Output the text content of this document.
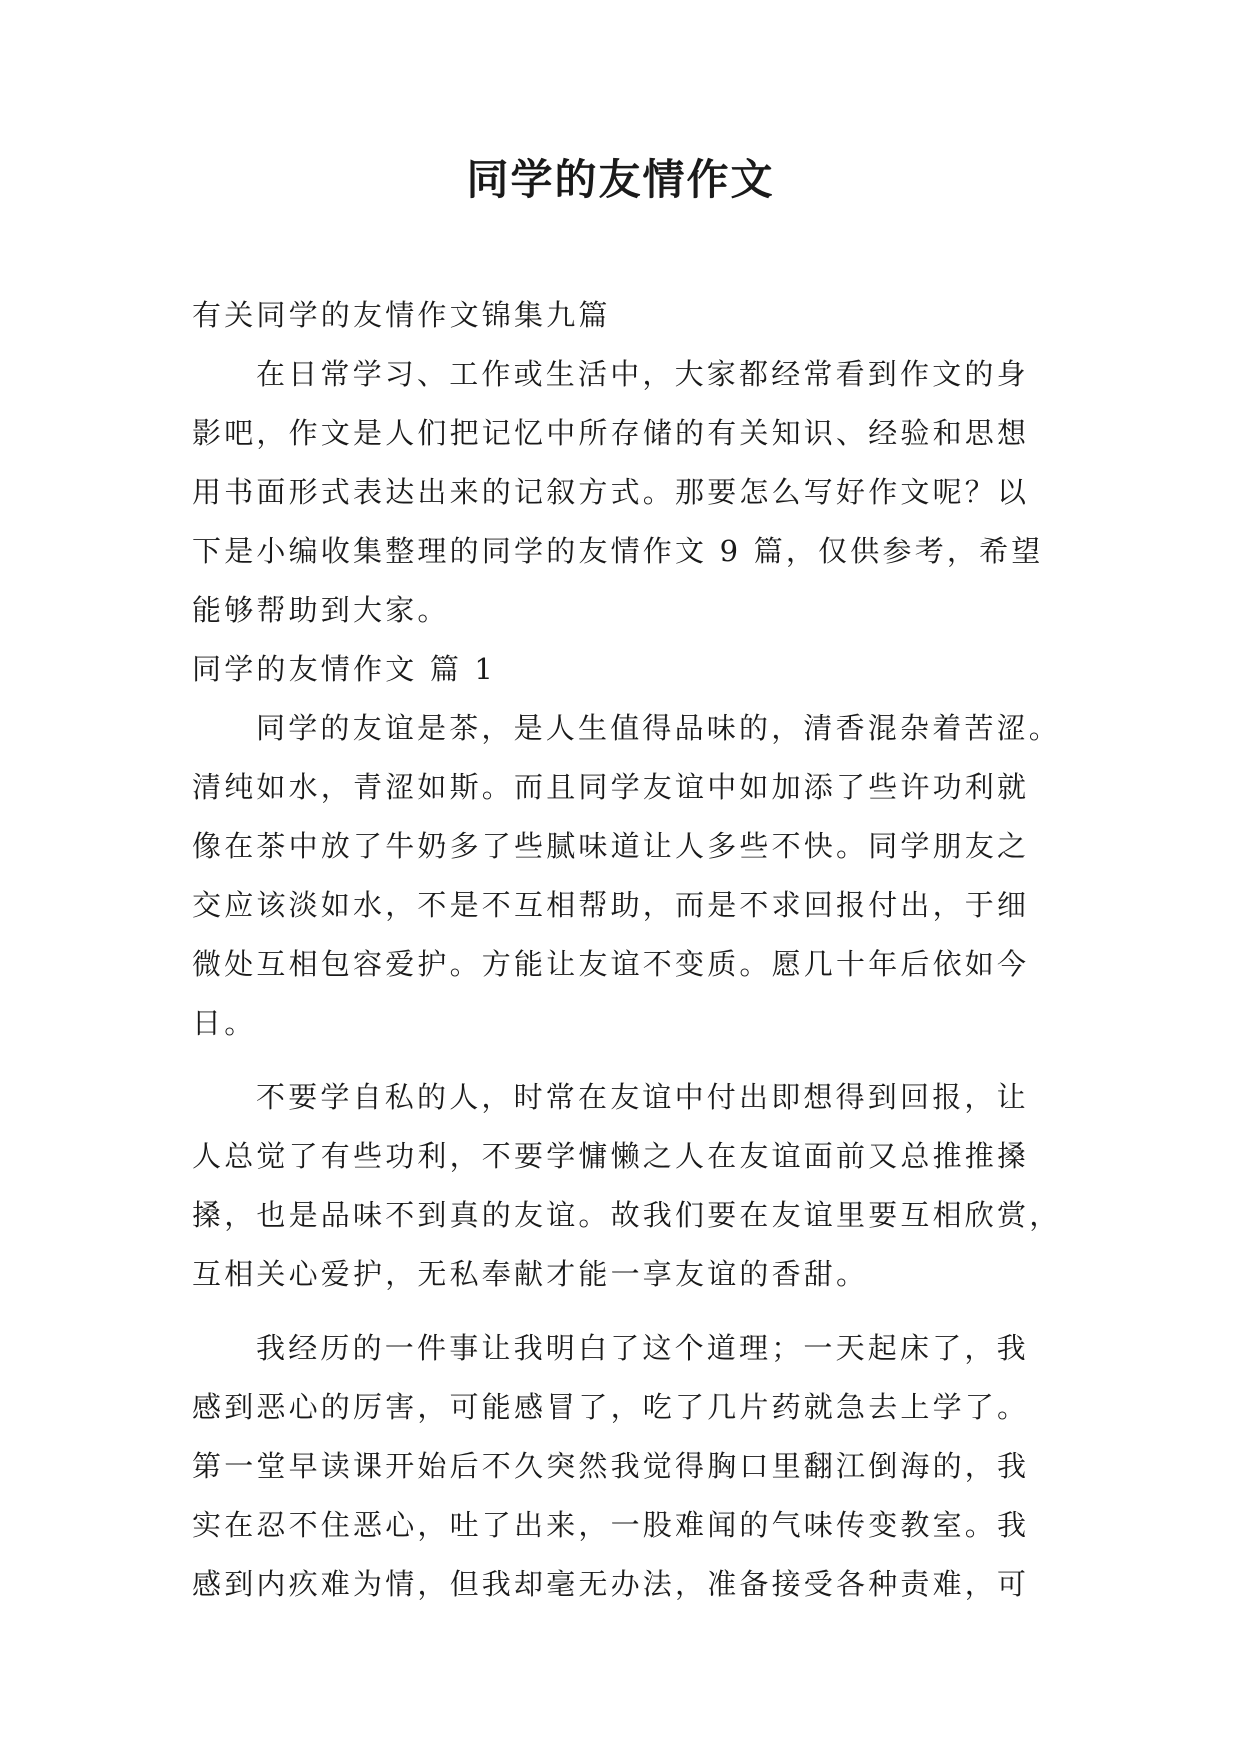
同学的友情作文
有关同学的友情作文锦集九篇
在日常学习、工作或生活中，大家都经常看到作文的身
影吧，作文是人们把记忆中所存储的有关知识、经验和思想
用书面形式表达出来的记叙方式。那要怎么写好作文呢？以
下是小编收集整理的同学的友情作文 9 篇，仅供参考，希望
能够帮助到大家。
同学的友情作文 篇 1
同学的友谊是茶，是人生值得品味的，清香混杂着苦涩。
清纯如水，青涩如斯。而且同学友谊中如加添了些许功利就
像在茶中放了牛奶多了些腻味道让人多些不快。同学朋友之
交应该淡如水，不是不互相帮助，而是不求回报付出，于细
微处互相包容爱护。方能让友谊不变质。愿几十年后依如今
日。
不要学自私的人，时常在友谊中付出即想得到回报，让
人总觉了有些功利，不要学慵懒之人在友谊面前又总推推搡
搡，也是品味不到真的友谊。故我们要在友谊里要互相欣赏，
互相关心爱护，无私奉献才能一享友谊的香甜。
我经历的一件事让我明白了这个道理；一天起床了，我
感到恶心的厉害，可能感冒了，吃了几片药就急去上学了。
第一堂早读课开始后不久突然我觉得胸口里翻江倒海的，我
实在忍不住恶心，吐了出来，一股难闻的气味传变教室。我
感到内疚难为情，但我却毫无办法，准备接受各种责难，可
